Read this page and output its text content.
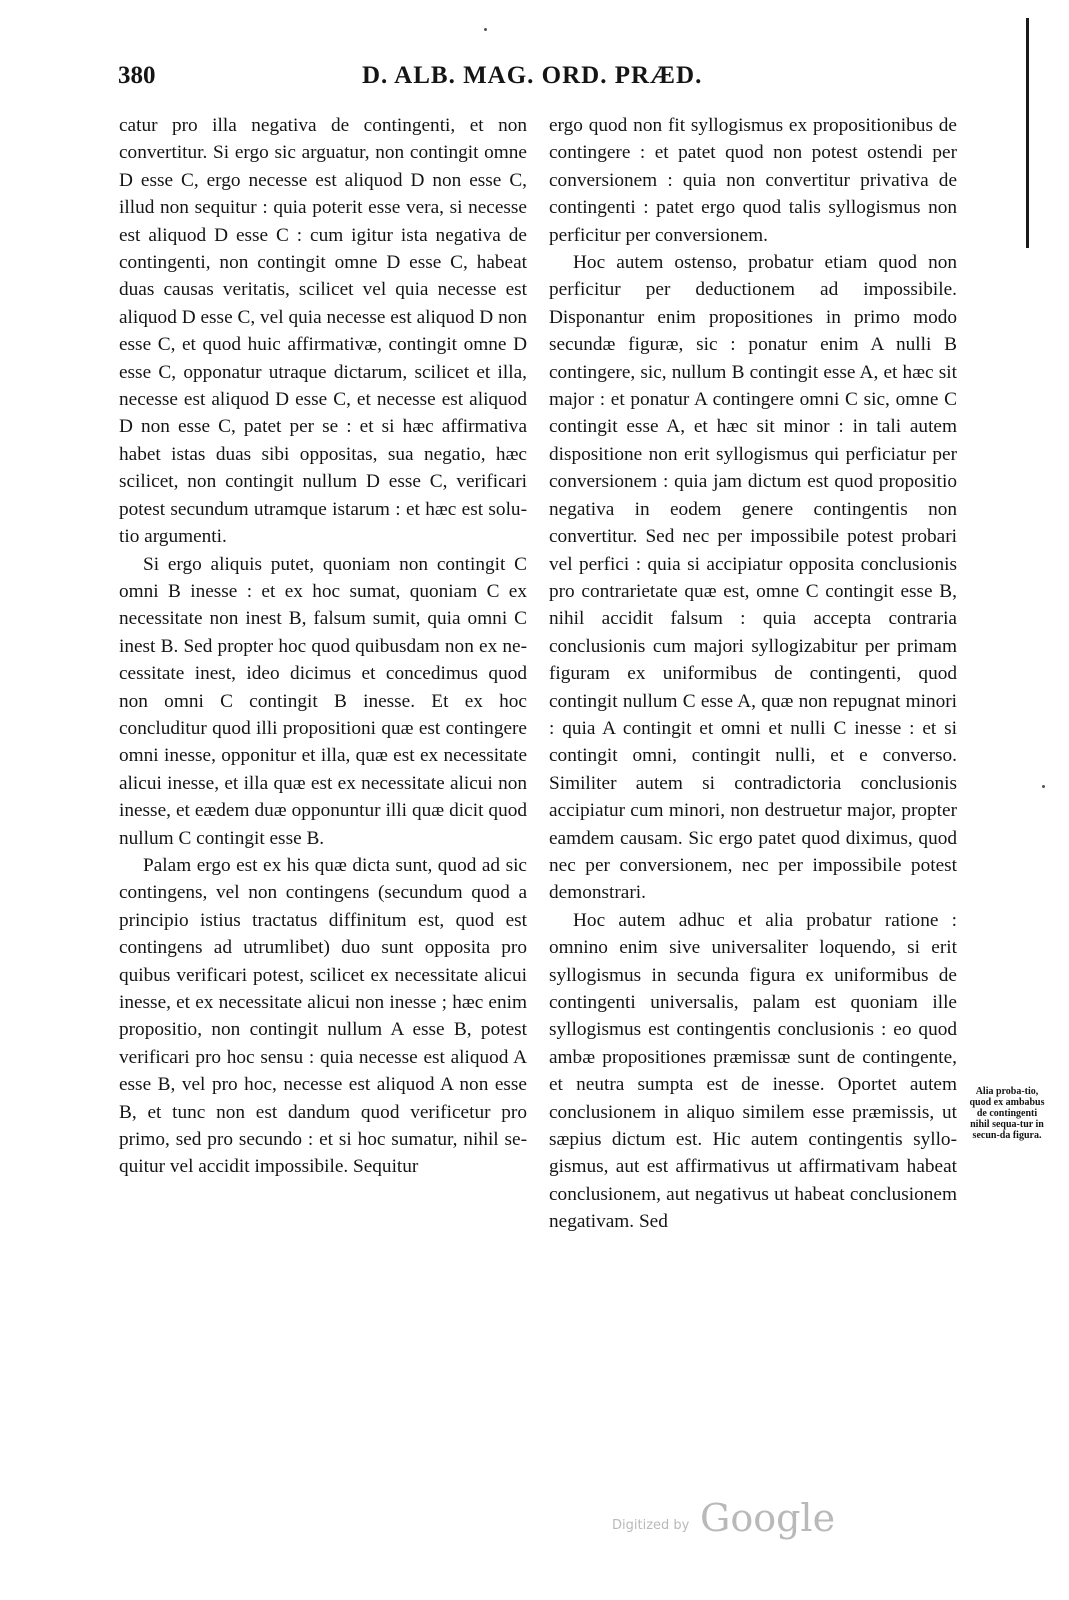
380	D. ALB. MAG. ORD. PRÆD.

catur pro illa negativa de contingenti, et non convertitur. Si ergo sic arguatur, non contingit omne D esse C, ergo necesse est aliquod D non esse C, illud non sequitur : quia poterit esse vera, si necesse est aliquod D esse C : cum igitur ista negativa de contingenti, non contingit omne D esse C, habeat duas causas veritatis, scilicet vel quia necesse est aliquod D esse C, vel quia necesse est aliquod D non esse C, et quod huic affirmativæ, contingit omne D esse C, opponatur utraque dictarum, scilicet et illa, necesse est aliquod D esse C, et necesse est aliquod D non esse C, patet per se : et si hæc affirmativa habet istas duas sibi oppositas, sua negatio, hæc scilicet, non contingit nullum D esse C, verificari potest secundum utramque istarum : et hæc est solutio argumenti.

Si ergo aliquis putet, quoniam non contingit C omni B inesse : et ex hoc sumat, quoniam C ex necessitate non inest B, falsum sumit, quia omni C inest B. Sed propter hoc quod quibusdam non ex necessitate inest, ideo dicimus et concedimus quod non omni C contingit B inesse. Et ex hoc concluditur quod illi propositioni quæ est contingere omni inesse, opponitur et illa, quæ est ex necessitate alicui inesse, et illa quæ est ex necessitate alicui non inesse, et eædem duæ opponuntur illi quæ dicit quod nullum C contingit esse B.

Palam ergo est ex his quæ dicta sunt, quod ad sic contingens, vel non contingens (secundum quod a principio istius tractatus diffinitum est, quod est contingens ad utrumlibet) duo sunt opposita pro quibus verificari potest, scilicet ex necessitate alicui inesse, et ex necessitate alicui non inesse ; hæc enim propositio, non contingit nullum A esse B, potest verificari pro hoc sensu : quia necesse est aliquod A esse B, vel pro hoc, necesse est aliquod A non esse B, et tunc non est dandum quod verificetur pro primo, sed pro secundo : et si hoc sumatur, nihil sequitur vel accidit impossibile. Sequitur

ergo quod non fit syllogismus ex propositionibus de contingere : et patet quod non potest ostendi per conversionem : quia non convertitur privativa de contingenti : patet ergo quod talis syllogismus non perficitur per conversionem.

Hoc autem ostenso, probatur etiam quod non perficitur per deductionem ad impossibile. Disponantur enim propositiones in primo modo secundæ figuræ, sic : ponatur enim A nulli B contingere, sic, nullum B contingit esse A, et hæc sit major : et ponatur A contingere omni C sic, omne C contingit esse A, et hæc sit minor : in tali autem dispositione non erit syllogismus qui perficiatur per conversionem : quia jam dictum est quod propositio negativa in eodem genere contingentis non convertitur. Sed nec per impossibile potest probari vel perfici : quia si accipiatur opposita conclusionis pro contrarietate quæ est, omne C contingit esse B, nihil accidit falsum : quia accepta contraria conclusionis cum majori syllogizabitur per primam figuram ex uniformibus de contingenti, quod contingit nullum C esse A, quæ non repugnat minori : quia A contingit et omni et nulli C inesse : et si contingit omni, contingit nulli, et e converso. Similiter autem si contradictoria conclusionis accipiatur cum minori, non destruetur major, propter eamdem causam. Sic ergo patet quod diximus, quod nec per conversionem, nec per impossibile potest demonstrari.

Hoc autem adhuc et alia probatur ratione : omnino enim sive universaliter loquendo, si erit syllogismus in secunda figura ex uniformibus de contingenti universalis, palam est quoniam ille syllogismus est contingentis conclusionis : eo quod ambæ propositiones præmissæ sunt de contingente, et neutra sumpta est de inesse. Oportet autem conclusionem in aliquo similem esse præmissis, ut sæpius dictum est. Hic autem contingentis syllogismus, aut est affirmativus ut affirmativam habeat conclusionem, aut negativus ut habeat conclusionem negativam. Sed

Alia proba-tio, quod ex ambabus de contingenti nihil sequa-tur in secun-da figura.
Digitized by Google
